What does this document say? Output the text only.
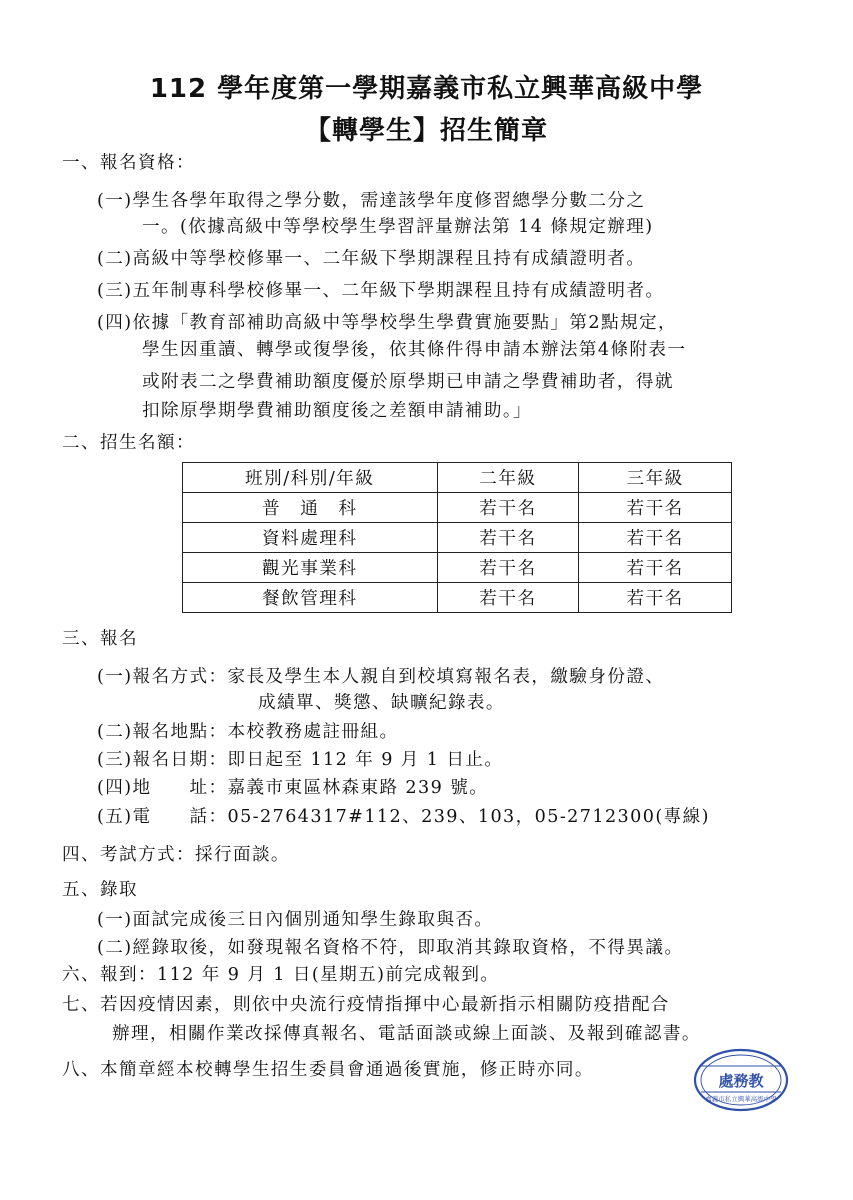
112 學年度第一學期嘉義市私立興華高級中學
【轉學生】招生簡章

一、報名資格：

(一)學生各學年取得之學分數，需達該學年度修習總學分數二分之

一。(依據高級中等學校學生學習評量辦法第 14 條規定辦理)

(二)高級中等學校修畢一、二年級下學期課程且持有成績證明者。

(三)五年制專科學校修畢一、二年級下學期課程且持有成績證明者。

(四)依據「教育部補助高級中等學校學生學費實施要點」第2點規定，

學生因重讀、轉學或復學後，依其條件得申請本辦法第4條附表一

或附表二之學費補助額度優於原學期已申請之學費補助者，得就

扣除原學期學費補助額度後之差額申請補助。」

二、招生名額：

班別/科別/年級	二年級	三年級
普　通　科	若干名	若干名
資料處理科	若干名	若干名
觀光事業科	若干名	若干名
餐飲管理科	若干名	若干名

三、報名

(一)報名方式：家長及學生本人親自到校填寫報名表，繳驗身份證、

成績單、獎懲、缺曠紀錄表。

(二)報名地點：本校教務處註冊組。

(三)報名日期：即日起至 112 年 9 月 1 日止。

(四)地　　址：嘉義市東區林森東路 239 號。

(五)電　　話：05-2764317#112、239、103，05-2712300(專線)

四、考試方式：採行面談。

五、錄取

(一)面試完成後三日內個別通知學生錄取與否。

(二)經錄取後，如發現報名資格不符，即取消其錄取資格，不得異議。

六、報到：112 年 9 月 1 日(星期五)前完成報到。

七、若因疫情因素，則依中央流行疫情指揮中心最新指示相關防疫措配合

辦理，相關作業改採傳真報名、電話面談或線上面談、及報到確認書。

八、本簡章經本校轉學生招生委員會通過後實施，修正時亦同。

處務教
嘉義市私立興華高級中學
